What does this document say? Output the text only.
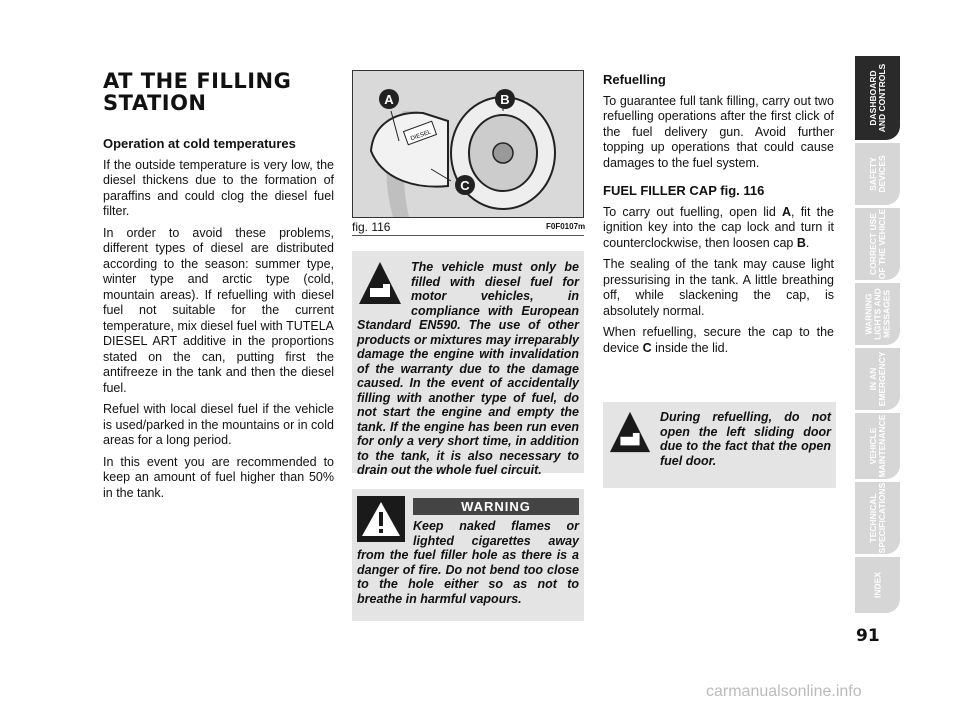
AT THE FILLING STATION
Operation at cold temperatures

If the outside temperature is very low, the diesel thickens due to the formation of paraffins and could clog the diesel fuel filter.

In order to avoid these problems, different types of diesel are distributed according to the season: summer type, winter type and arctic type (cold, mountain areas). If refuelling with diesel fuel not suitable for the current temperature, mix diesel fuel with TUTELA DIESEL ART additive in the proportions stated on the can, putting first the antifreeze in the tank and then the diesel fuel.

Refuel with local diesel fuel if the vehicle is used/parked in the mountains or in cold areas for a long period.

In this event you are recommended to keep an amount of fuel higher than 50% in the tank.

DIESEL
A	B
C
fig. 116	F0F0107m
The vehicle must only be filled with diesel fuel for motor vehicles, in compliance with European Standard EN590. The use of other products or mixtures may irreparably damage the engine with invalidation of the warranty due to the damage caused. In the event of accidentally filling with another type of fuel, do not start the engine and empty the tank. If the engine has been run even for only a very short time, in addition to the tank, it is also necessary to drain out the whole fuel circuit.
WARNING
Keep naked flames or lighted cigarettes away from the fuel filler hole as there is a danger of fire. Do not bend too close to the hole either so as not to breathe in harmful vapours.
Refuelling

To guarantee full tank filling, carry out two refuelling operations after the first click of the fuel delivery gun. Avoid further topping up operations that could cause damages to the fuel system.

FUEL FILLER CAP fig. 116

To carry out fuelling, open lid A, fit the ignition key into the cap lock and turn it counterclockwise, then loosen cap B.

The sealing of the tank may cause light pressurising in the tank. A little breathing off, while slackening the cap, is absolutely normal.

When refuelling, secure the cap to the device C inside the lid.

During refuelling, do not open the left sliding door due to the fact that the open fuel door.
DASHBOARD
AND CONTROLS
SAFETY
DEVICES
CORRECT USE
OF THE VEHICLE
WARNING
LIGHTS AND
MESSAGES
IN AN
EMERGENCY
VEHICLE
MAINTENANCE
TECHNICAL
SPECIFICATIONS
INDEX
91
carmanualsonline.info
